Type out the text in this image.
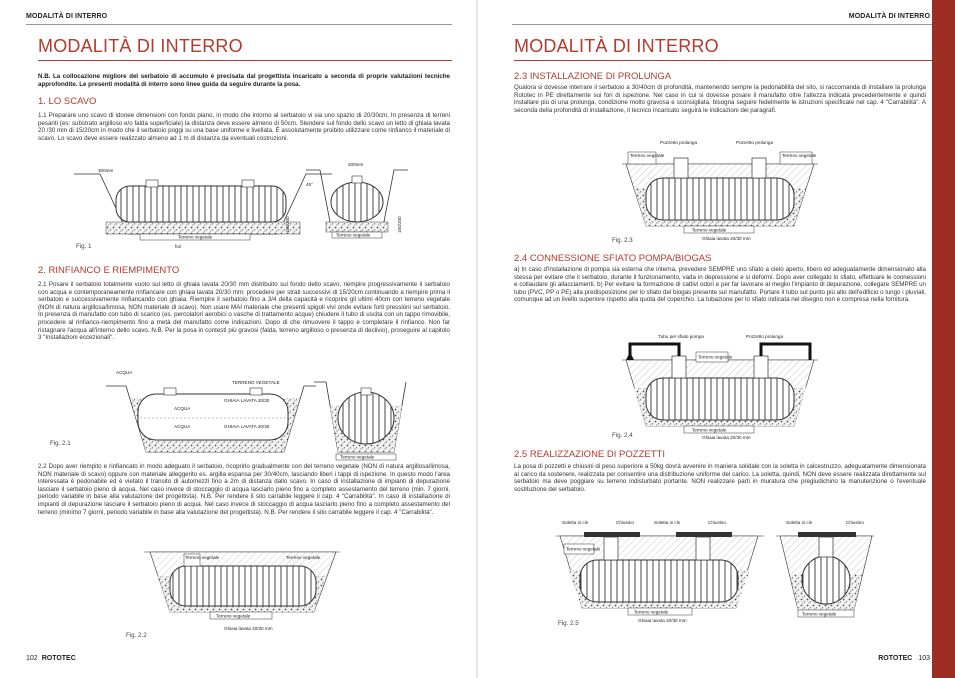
MODALITÀ DI INTERRO
MODALITÀ DI INTERRO
N.B. La collocazione migliore del serbatoio di accumulo è precisata dal progettista incaricato a seconda di proprie valutazioni tecniche approfondite. Le presenti modalità di interro sono linee guida da seguire durante la posa.
1. LO SCAVO
1.1 Preparare uno scavo di idonee dimensioni con fondo piano, in modo che intorno al serbatoio vi sia uno spazio di 20/30cm. In presenza di terreni pesanti (es: substrato argilloso e/o falda superficiale) la distanza deve essere almeno di 50cm. Stendere sul fondo dello scavo un letto di ghiaia lavata 20 /30 mm di 15/20cm in modo che il serbatoio poggi su una base uniforme e livellata. È assolutamente proibito utilizzare come rinfianco il materiale di scavo. Lo scavo deve essere realizzato almeno ad 1 m di distanza da eventuali costruzioni.
Terreno vegetale
300mm
45°
fori
150/200
Terreno vegetale
200mm
150/200
Fig. 1
2. RINFIANCO E RIEMPIMENTO
2.1 Posare il serbatoio totalmente vuoto sul letto di ghiaia lavata 20/30 mm distribuito sul fondo dello scavo, riempire progressivamente il serbatoio con acqua e contemporaneamente rinfiancare con ghiaia lavata 20/30 mm: procedere per strati successivi di 15/20cm continuando a riempire prima il serbatoio e successivamente rinfiancando con ghiaia. Riempire il serbatoio fino a 3/4 della capacità e ricoprire gli ultimi 40cm con terreno vegetale (NON di natura argillosa/limosa, NON materiale di scavo). Non usare MAI materiale che presenti spigoli vivi onde evitare forti pressioni sul serbatoio. In presenza di manufatto con tubo di scarico (es. percolatori aerobici o vasche di trattamento acque) chiudere il tubo di uscita con un tappo rimovibile, procedere al rinfianco-riempimento fino a metà del manufatto come indicazioni. Dopo di che rimuovere il tappo e completare il rinfianco. Non far ristagnare l'acqua all'interno dello scavo. N.B. Per la posa in contesti più gravosi (falda, terreno argilloso o presenza di declivio), proseguire al capitolo 3 "Installazioni eccezionali".
ACQUA
ACQUA
ACQUA
TERRENO VEGETALE
GHIAIA LAVATA 20/30
GHIAIA LAVATA 20/30
Terreno vegetale
Fig. 2.1
2.2 Dopo aver riempito e rinfiancato in modo adeguato il serbatoio, ricoprirlo gradualmente con del terreno vegetale (NON di natura argillosa/limosa, NON materiale di scavo) oppure con materiale alleggerito es. argilla espansa per 30/40cm, lasciando liberi i tappi di ispezione. In questo modo l'area interessata è pedonabile ed è vietato il transito di automezzi fino a 2m di distanza dallo scavo. In caso di installazione di impianti di depurazione lasciare il serbatoio pieno di acqua. Nel caso invece di stoccaggio di acqua lasciarlo pieno fino a completo assestamento del terreno (min. 7 giorni, periodo variabile in base alla valutazione del progettista). N.B. Per rendere il sito carrabile leggere il cap. 4 "Carrabilità". In caso di installazione di impianti di depurazione lasciare il serbatoio pieno di acqua. Nel caso invece di stoccaggio di acqua lasciarlo pieno fino a completo assestamento del terreno (minimo 7 giorni, periodo variabile in base alla valutazione del progettista). N.B. Per rendere il sito carrabile leggere il cap. 4 "Carrabilità".
Terreno vegetale	Terreno vegetale
Terreno vegetale
Ghiaia lavata 20/30 mm
Fig. 2.2
102 ROTOTEC
MODALITÀ DI INTERRO
MODALITÀ DI INTERRO
2.3 INSTALLAZIONE DI PROLUNGA
Qualora si dovesse interrare il serbatoio a 30/40cm di profondità, mantenendo sempre la pedonabilità del sito, si raccomanda di installare la prolunga Rototec in PE direttamente sui fori di ispezione. Nel caso in cui si dovesse posare il manufatto oltre l'altezza indicata precedentemente e quindi installare più di una prolunga, condizione molto gravosa e sconsigliata, bisogna seguire fedelmente le istruzioni specificate nel cap. 4 "Carrabilità". A seconda della profondità di installazione, il tecnico incaricato seguirà le indicazioni dei paragrafi.
Pozzetto prolunga	Pozzetto prolunga
Terreno vegetale	Terreno vegetale
Terreno vegetale
Ghiaia lavata 20/30 mm
Fig. 2.3
2.4 CONNESSIONE SFIATO POMPA/BIOGAS
a) In caso d'installazione di pompa sia esterna che interna, prevedere SEMPRE uno sfiato a cielo aperto, libero ed adeguatamente dimensionato alla stessa per evitare che il serbatoio, durante il funzionamento, vada in depressione e si deformi. Dopo aver collegato lo sfiato, effettuare le connessioni e collaudare gli allacciamenti. b) Per evitare la formazione di cattivi odori e per far lavorare al meglio l'impianto di depurazione, collegare SEMPRE un tubo (PVC, PP o PE) alla predisposizione per lo sfiato del biogas presente sul manufatto. Portare il tubo sul punto più alto dell'edificio o lungo i pluviali, comunque ad un livello superiore rispetto alla quota del coperchio. La tubazione per lo sfiato indicata nel disegno non è compresa nella fornitura.
Tubo per sfiato pompa	Pozzetto prolunga
Terreno vegetale
Terreno vegetale
Ghiaia lavata 20/30 mm
Fig. 2.4
2.5 REALIZZAZIONE DI POZZETTI
La posa di pozzetti e chiusini di peso superiore a 50kg dovrà avvenire in maniera solidale con la soletta in calcestruzzo, adeguatamente dimensionata al carico da sostenere, realizzata per consentire una distribuzione uniforme del carico. La soletta, quindi, NON deve essere realizzata direttamente sul serbatoio ma deve poggiare su terreno indisturbato portante. NON realizzare parti in muratura che pregiudichino la manutenzione o l'eventuale sostituzione del serbatoio.
Soletta in cls	Chiusino	Soletta in cls	Chiusino
Terreno vegetale
Ghiaia lavata 20/30 mm
Soletta in cls	Chiusino
Terreno vegetale
Terreno vegetale
Fig. 2.5
ROTOTEC 103
